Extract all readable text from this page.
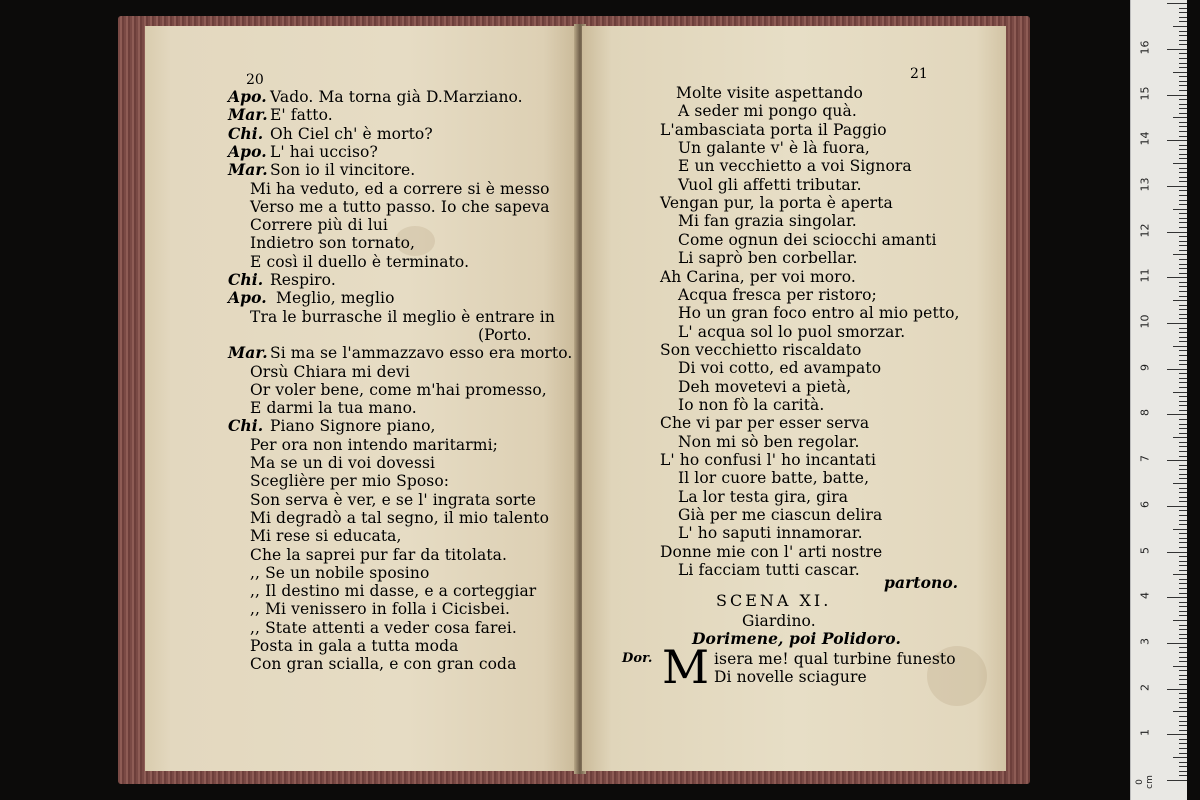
20
Apo. Vado. Ma torna già D.Marziano.
Mar. E' fatto.
Chi. Oh Ciel ch' è morto?
Apo. L' hai ucciso?
Mar. Son io il vincitore.
Mi ha veduto, ed a correre si è messo
Verso me a tutto passo. Io che sapeva
Correre più di lui
Indietro son tornato,
E così il duello è terminato.
Chi. Respiro.
Apo. Meglio, meglio
Tra le burrasche il meglio è entrare in
(Porto.
Mar. Si ma se l'ammazzavo esso era morto.
Orsù Chiara mi devi
Or voler bene, come m'hai promesso,
E darmi la tua mano.
Chi. Piano Signore piano,
Per ora non intendo maritarmi;
Ma se un di voi dovessi
Sceglière per mio Sposo:
Son serva è ver, e se l' ingrata sorte
Mi degradò a tal segno, il mio talento
Mi rese si educata,
Che la saprei pur far da titolata.
,, Se un nobile sposino
,, Il destino mi dasse, e a corteggiar
,, Mi venissero in folla i Cicisbei.
,, State attenti a veder cosa farei.
Posta in gala a tutta moda
Con gran scialla, e con gran coda
21
partono.
SCENA XI.
Giardino.
Dorimene, poi Polidoro.
Dor. M isera me! qual turbine funesto
Di novelle sciagure
Molte visite aspettando
A seder mi pongo quà.
L'ambasciata porta il Paggio
Un galante v' è là fuora,
E un vecchietto a voi Signora
Vuol gli affetti tributar.
Vengan pur, la porta è aperta
Mi fan grazia singolar.
Come ognun dei sciocchi amanti
Li saprò ben corbellar.
Ah Carina, per voi moro.
Acqua fresca per ristoro;
Ho un gran foco entro al mio petto,
L' acqua sol lo puol smorzar.
Son vecchietto riscaldato
Di voi cotto, ed avampato
Deh movetevi a pietà,
Io non fò la carità.
Che vi par per esser serva
Non mi sò ben regolar.
L' ho confusi l' ho incantati
Il lor cuore batte, batte,
La lor testa gira, gira
Già per me ciascun delira
L' ho saputi innamorar.
Donne mie con l' arti nostre
Li facciam tutti cascar.
0 cm
1
2
3
4
5
6
7
8
9
10
11
12
13
14
15
16
